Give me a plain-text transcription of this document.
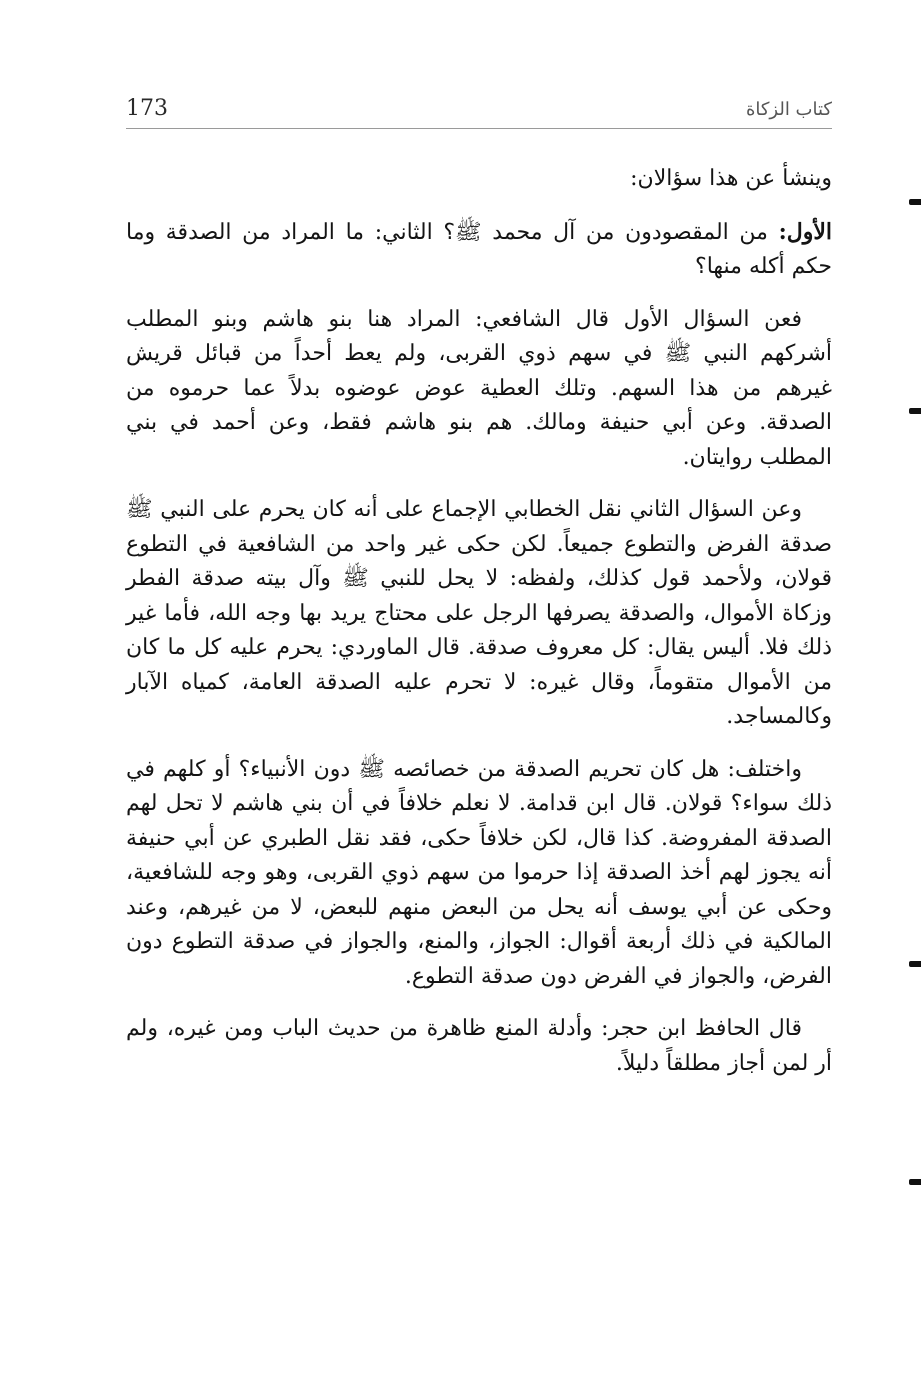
173	كتاب الزكاة

وينشأ عن هذا سؤالان:

الأول: من المقصودون من آل محمد ﷺ؟ الثاني: ما المراد من الصدقة وما حكم أكله منها؟

فعن السؤال الأول قال الشافعي: المراد هنا بنو هاشم وبنو المطلب أشركهم النبي ﷺ في سهم ذوي القربى، ولم يعط أحداً من قبائل قريش غيرهم من هذا السهم. وتلك العطية عوض عوضوه بدلاً عما حرموه من الصدقة. وعن أبي حنيفة ومالك. هم بنو هاشم فقط، وعن أحمد في بني المطلب روايتان.

وعن السؤال الثاني نقل الخطابي الإجماع على أنه كان يحرم على النبي ﷺ صدقة الفرض والتطوع جميعاً. لكن حكى غير واحد من الشافعية في التطوع قولان، ولأحمد قول كذلك، ولفظه: لا يحل للنبي ﷺ وآل بيته صدقة الفطر وزكاة الأموال، والصدقة يصرفها الرجل على محتاج يريد بها وجه الله، فأما غير ذلك فلا. أليس يقال: كل معروف صدقة. قال الماوردي: يحرم عليه كل ما كان من الأموال متقوماً، وقال غيره: لا تحرم عليه الصدقة العامة، كمياه الآبار وكالمساجد.

واختلف: هل كان تحريم الصدقة من خصائصه ﷺ دون الأنبياء؟ أو كلهم في ذلك سواء؟ قولان. قال ابن قدامة. لا نعلم خلافاً في أن بني هاشم لا تحل لهم الصدقة المفروضة. كذا قال، لكن خلافاً حكى، فقد نقل الطبري عن أبي حنيفة أنه يجوز لهم أخذ الصدقة إذا حرموا من سهم ذوي القربى، وهو وجه للشافعية، وحكى عن أبي يوسف أنه يحل من البعض منهم للبعض، لا من غيرهم، وعند المالكية في ذلك أربعة أقوال: الجواز، والمنع، والجواز في صدقة التطوع دون الفرض، والجواز في الفرض دون صدقة التطوع.

قال الحافظ ابن حجر: وأدلة المنع ظاهرة من حديث الباب ومن غيره، ولم أر لمن أجاز مطلقاً دليلاً.
